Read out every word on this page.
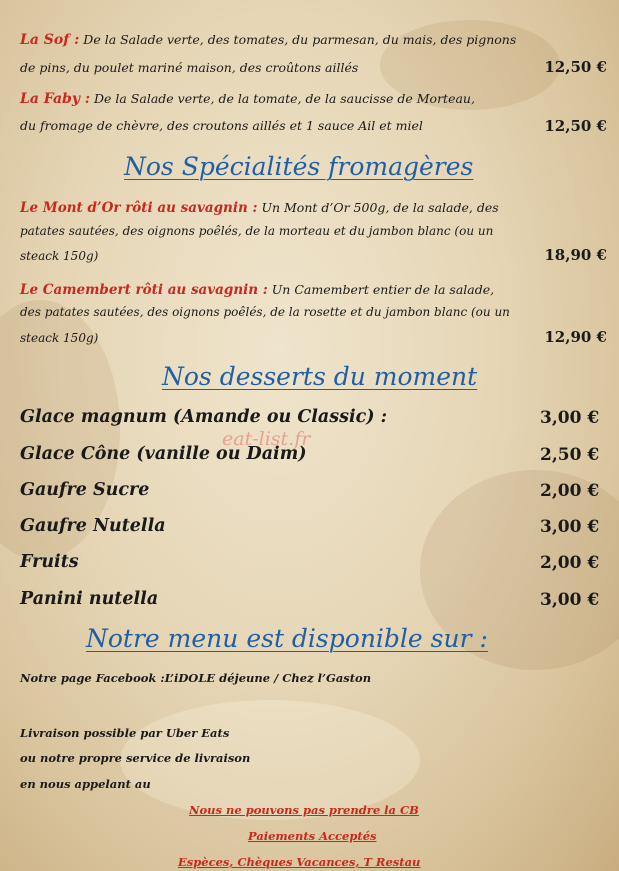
La Sof : De la Salade verte, des tomates, du parmesan, du mais, des pignons
de pins, du poulet mariné maison, des croûtons aillés	12,50 €
La Faby : De la Salade verte, de la tomate, de la saucisse de Morteau,
du fromage de chèvre, des croutons aillés et 1 sauce Ail et miel	12,50 €
Nos Spécialités fromagères
Le Mont d’Or rôti au savagnin : Un Mont d’Or 500g, de la salade, des
patates sautées, des oignons poêlés, de la morteau et du jambon blanc (ou un
steack 150g)	18,90 €
Le Camembert rôti au savagnin : Un Camembert entier de la salade,
des patates sautées, des oignons poêlés, de la rosette et du jambon blanc (ou un
steack 150g)	12,90 €
Nos desserts du moment
Glace magnum (Amande ou Classic) :	3,00 €
eat-list.fr
Glace Cône (vanille ou Daim)	2,50 €
Gaufre Sucre	2,00 €
Gaufre Nutella	3,00 €
Fruits	2,00 €
Panini nutella	3,00 €
Notre menu est disponible sur :
Notre page Facebook :L’iDOLE déjeune / Chez l’Gaston
Livraison possible par Uber Eats
ou notre propre service de livraison
en nous appelant au
Nous ne pouvons pas prendre la CB
Paiements Acceptés
Espèces, Chèques Vacances, T Restau
